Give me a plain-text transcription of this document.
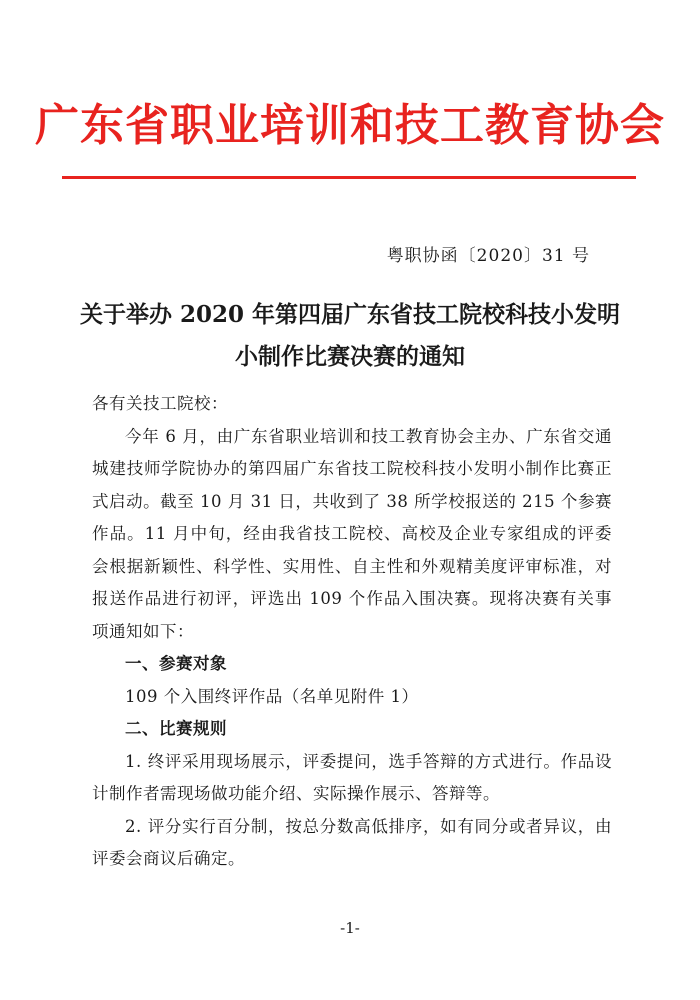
广东省职业培训和技工教育协会
粤职协函〔2020〕31 号
关于举办 2020 年第四届广东省技工院校科技小发明
小制作比赛决赛的通知

各有关技工院校：

今年 6 月，由广东省职业培训和技工教育协会主办、广东省交通城建技师学院协办的第四届广东省技工院校科技小发明小制作比赛正式启动。截至 10 月 31 日，共收到了 38 所学校报送的 215 个参赛作品。11 月中旬，经由我省技工院校、高校及企业专家组成的评委会根据新颖性、科学性、实用性、自主性和外观精美度评审标准，对报送作品进行初评，评选出 109 个作品入围决赛。现将决赛有关事项通知如下：

一、参赛对象

109 个入围终评作品（名单见附件 1）

二、比赛规则

1. 终评采用现场展示，评委提问，选手答辩的方式进行。作品设计制作者需现场做功能介绍、实际操作展示、答辩等。

2. 评分实行百分制，按总分数高低排序，如有同分或者异议，由评委会商议后确定。

-1-
